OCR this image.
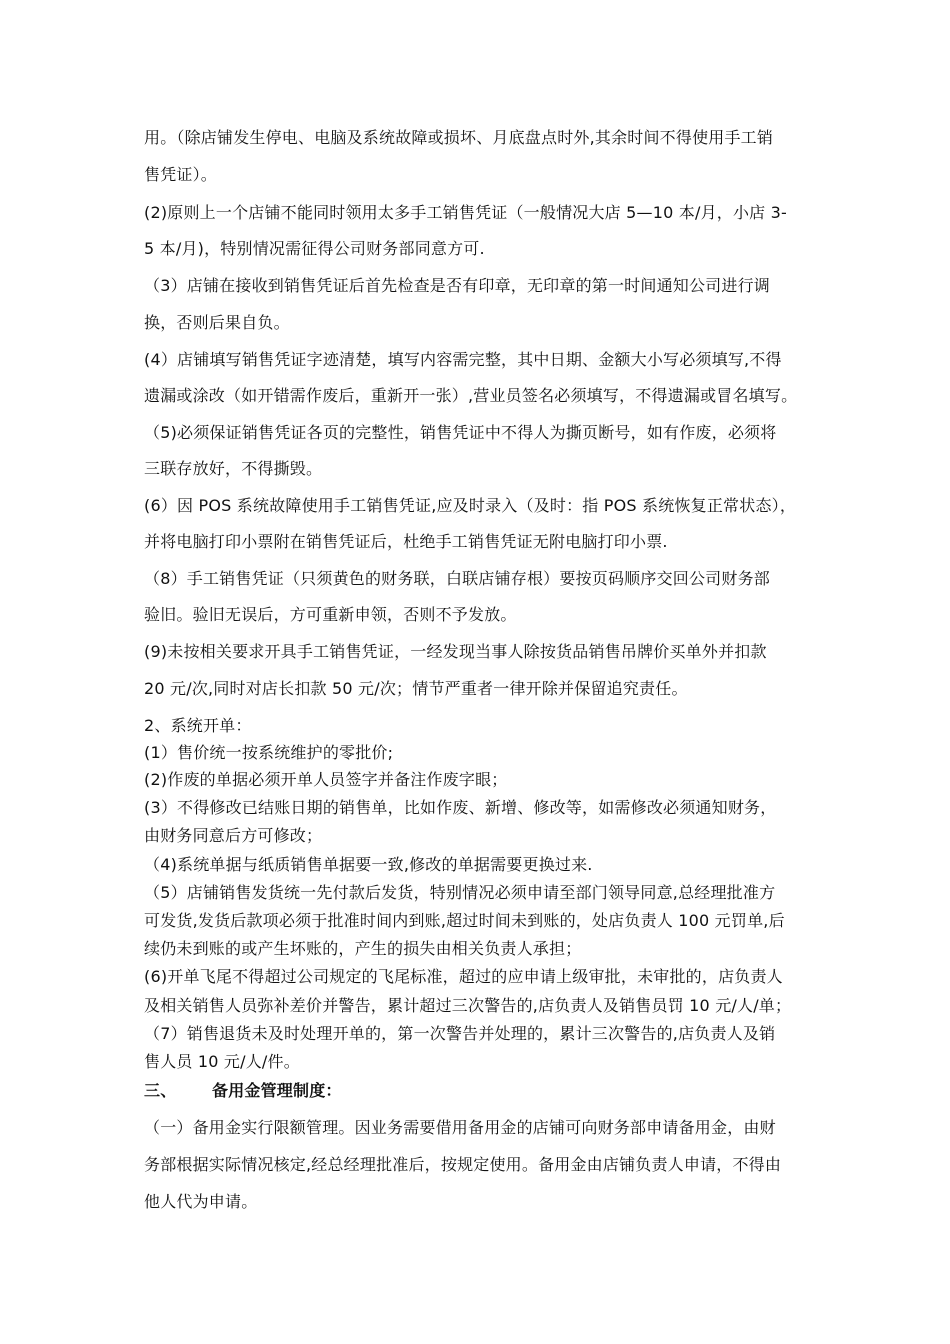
用。（除店铺发生停电、电脑及系统故障或损坏、月底盘点时外,其余时间不得使用手工销
售凭证）。
(2)原则上一个店铺不能同时领用太多手工销售凭证（一般情况大店 5—10 本/月，小店 3-
5 本/月)，特别情况需征得公司财务部同意方可.
（3）店铺在接收到销售凭证后首先检查是否有印章，无印章的第一时间通知公司进行调
换，否则后果自负。
(4）店铺填写销售凭证字迹清楚，填写内容需完整，其中日期、金额大小写必须填写,不得
遗漏或涂改（如开错需作废后，重新开一张）,营业员签名必须填写，不得遗漏或冒名填写。
（5)必须保证销售凭证各页的完整性，销售凭证中不得人为撕页断号，如有作废，必须将
三联存放好，不得撕毁。
(6）因 POS 系统故障使用手工销售凭证,应及时录入（及时：指 POS 系统恢复正常状态），
并将电脑打印小票附在销售凭证后，杜绝手工销售凭证无附电脑打印小票.
（8）手工销售凭证（只须黄色的财务联，白联店铺存根）要按页码顺序交回公司财务部
验旧。验旧无误后，方可重新申领，否则不予发放。
(9)未按相关要求开具手工销售凭证，一经发现当事人除按货品销售吊牌价买单外并扣款
20 元/次,同时对店长扣款 50 元/次；情节严重者一律开除并保留追究责任。
2、系统开单：
(1）售价统一按系统维护的零批价;
(2)作废的单据必须开单人员签字并备注作废字眼；
(3）不得修改已结账日期的销售单，比如作废、新增、修改等，如需修改必须通知财务，
由财务同意后方可修改；
（4)系统单据与纸质销售单据要一致,修改的单据需要更换过来.
（5）店铺销售发货统一先付款后发货，特别情况必须申请至部门领导同意,总经理批准方
可发货,发货后款项必须于批准时间内到账,超过时间未到账的，处店负责人 100 元罚单,后
续仍未到账的或产生坏账的，产生的损失由相关负责人承担；
(6)开单飞尾不得超过公司规定的飞尾标准，超过的应申请上级审批，未审批的，店负责人
及相关销售人员弥补差价并警告，累计超过三次警告的,店负责人及销售员罚 10 元/人/单；
（7）销售退货未及时处理开单的，第一次警告并处理的，累计三次警告的,店负责人及销
售人员 10 元/人/件。
三、	备用金管理制度：
（一）备用金实行限额管理。因业务需要借用备用金的店铺可向财务部申请备用金，由财
务部根据实际情况核定,经总经理批准后，按规定使用。备用金由店铺负责人申请，不得由
他人代为申请。
